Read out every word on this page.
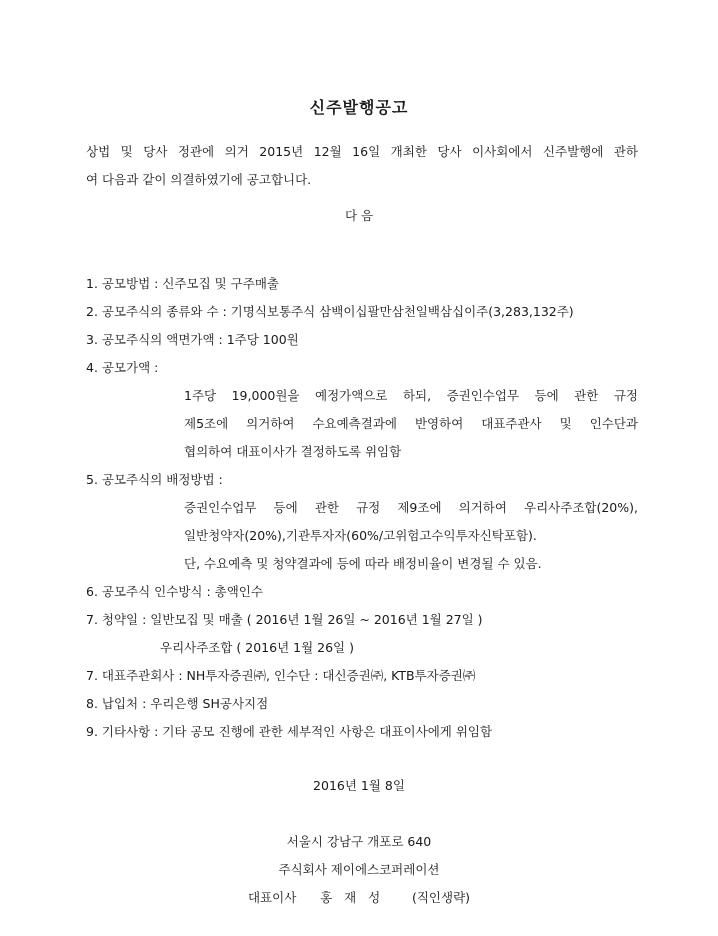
신주발행공고
상법 및 당사 정관에 의거 2015년 12월 16일 개최한 당사 이사회에서 신주발행에 관하
여 다음과 같이 의결하였기에 공고합니다.
다 음
1. 공모방법 : 신주모집 및 구주매출
2. 공모주식의 종류와 수 : 기명식보통주식 삼백이십팔만삼천일백삼십이주(3,283,132주)
3. 공모주식의 액면가액 : 1주당 100원
4. 공모가액 :
1주당 19,000원을 예정가액으로 하되, 증권인수업무 등에 관한 규정
제5조에 의거하여 수요예측결과에 반영하여 대표주관사 및 인수단과
협의하여 대표이사가 결정하도록 위임함
5. 공모주식의 배정방법 :
증권인수업무 등에 관한 규정 제9조에 의거하여 우리사주조합(20%),
일반청약자(20%),기관투자자(60%/고위험고수익투자신탁포함).
단, 수요예측 및 청약결과에 등에 따라 배정비율이 변경될 수 있음.
6. 공모주식 인수방식 : 총액인수
7. 청약일 : 일반모집 및 매출 ( 2016년 1월 26일 ~ 2016년 1월 27일 )
우리사주조합 ( 2016년 1월 26일 )
7. 대표주관회사 : NH투자증권㈜, 인수단 : 대신증권㈜, KTB투자증권㈜
8. 납입처 : 우리은행 SH공사지점
9. 기타사항 : 기타 공모 진행에 관한 세부적인 사항은 대표이사에게 위임함
2016년 1월 8일
서울시 강남구 개포로 640
주식회사 제이에스코퍼레이션
대표이사      홍   재   성        (직인생략)
